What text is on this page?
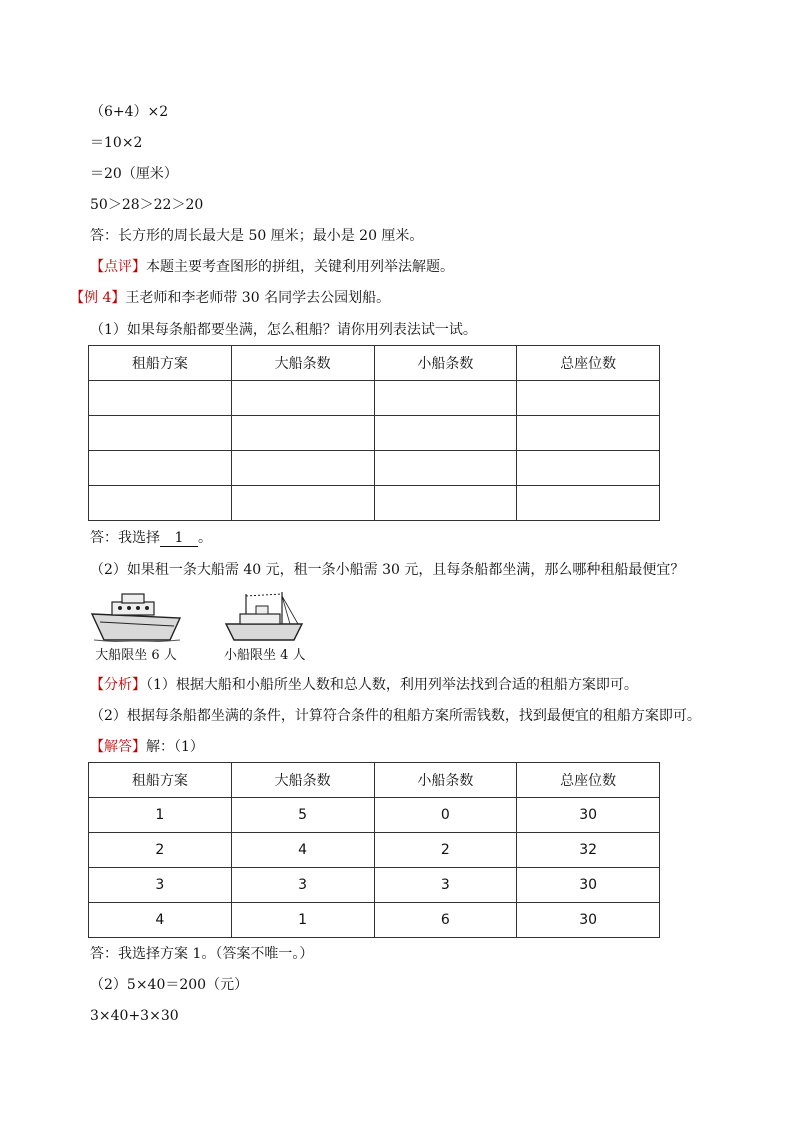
（6+4）×2
＝10×2
＝20（厘米）
50＞28＞22＞20
答：长方形的周长最大是 50 厘米；最小是 20 厘米。
【点评】本题主要考查图形的拼组，关键利用列举法解题。
【例 4】王老师和李老师带 30 名同学去公园划船。
（1）如果每条船都要坐满，怎么租船？请你用列表法试一试。
租船方案	大船条数	小船条数	总座位数

答：我选择 1 。
（2）如果租一条大船需 40 元，租一条小船需 30 元，且每条船都坐满，那么哪种租船最便宜？
大船限坐 6 人	小船限坐 4 人
【分析】（1）根据大船和小船所坐人数和总人数，利用列举法找到合适的租船方案即可。
（2）根据每条船都坐满的条件，计算符合条件的租船方案所需钱数，找到最便宜的租船方案即可。
【解答】解：（1）
租船方案	大船条数	小船条数	总座位数
1	5	0	30
2	4	2	32
3	3	3	30
4	1	6	30
答：我选择方案 1。（答案不唯一。）
（2）5×40＝200（元）
3×40+3×30
